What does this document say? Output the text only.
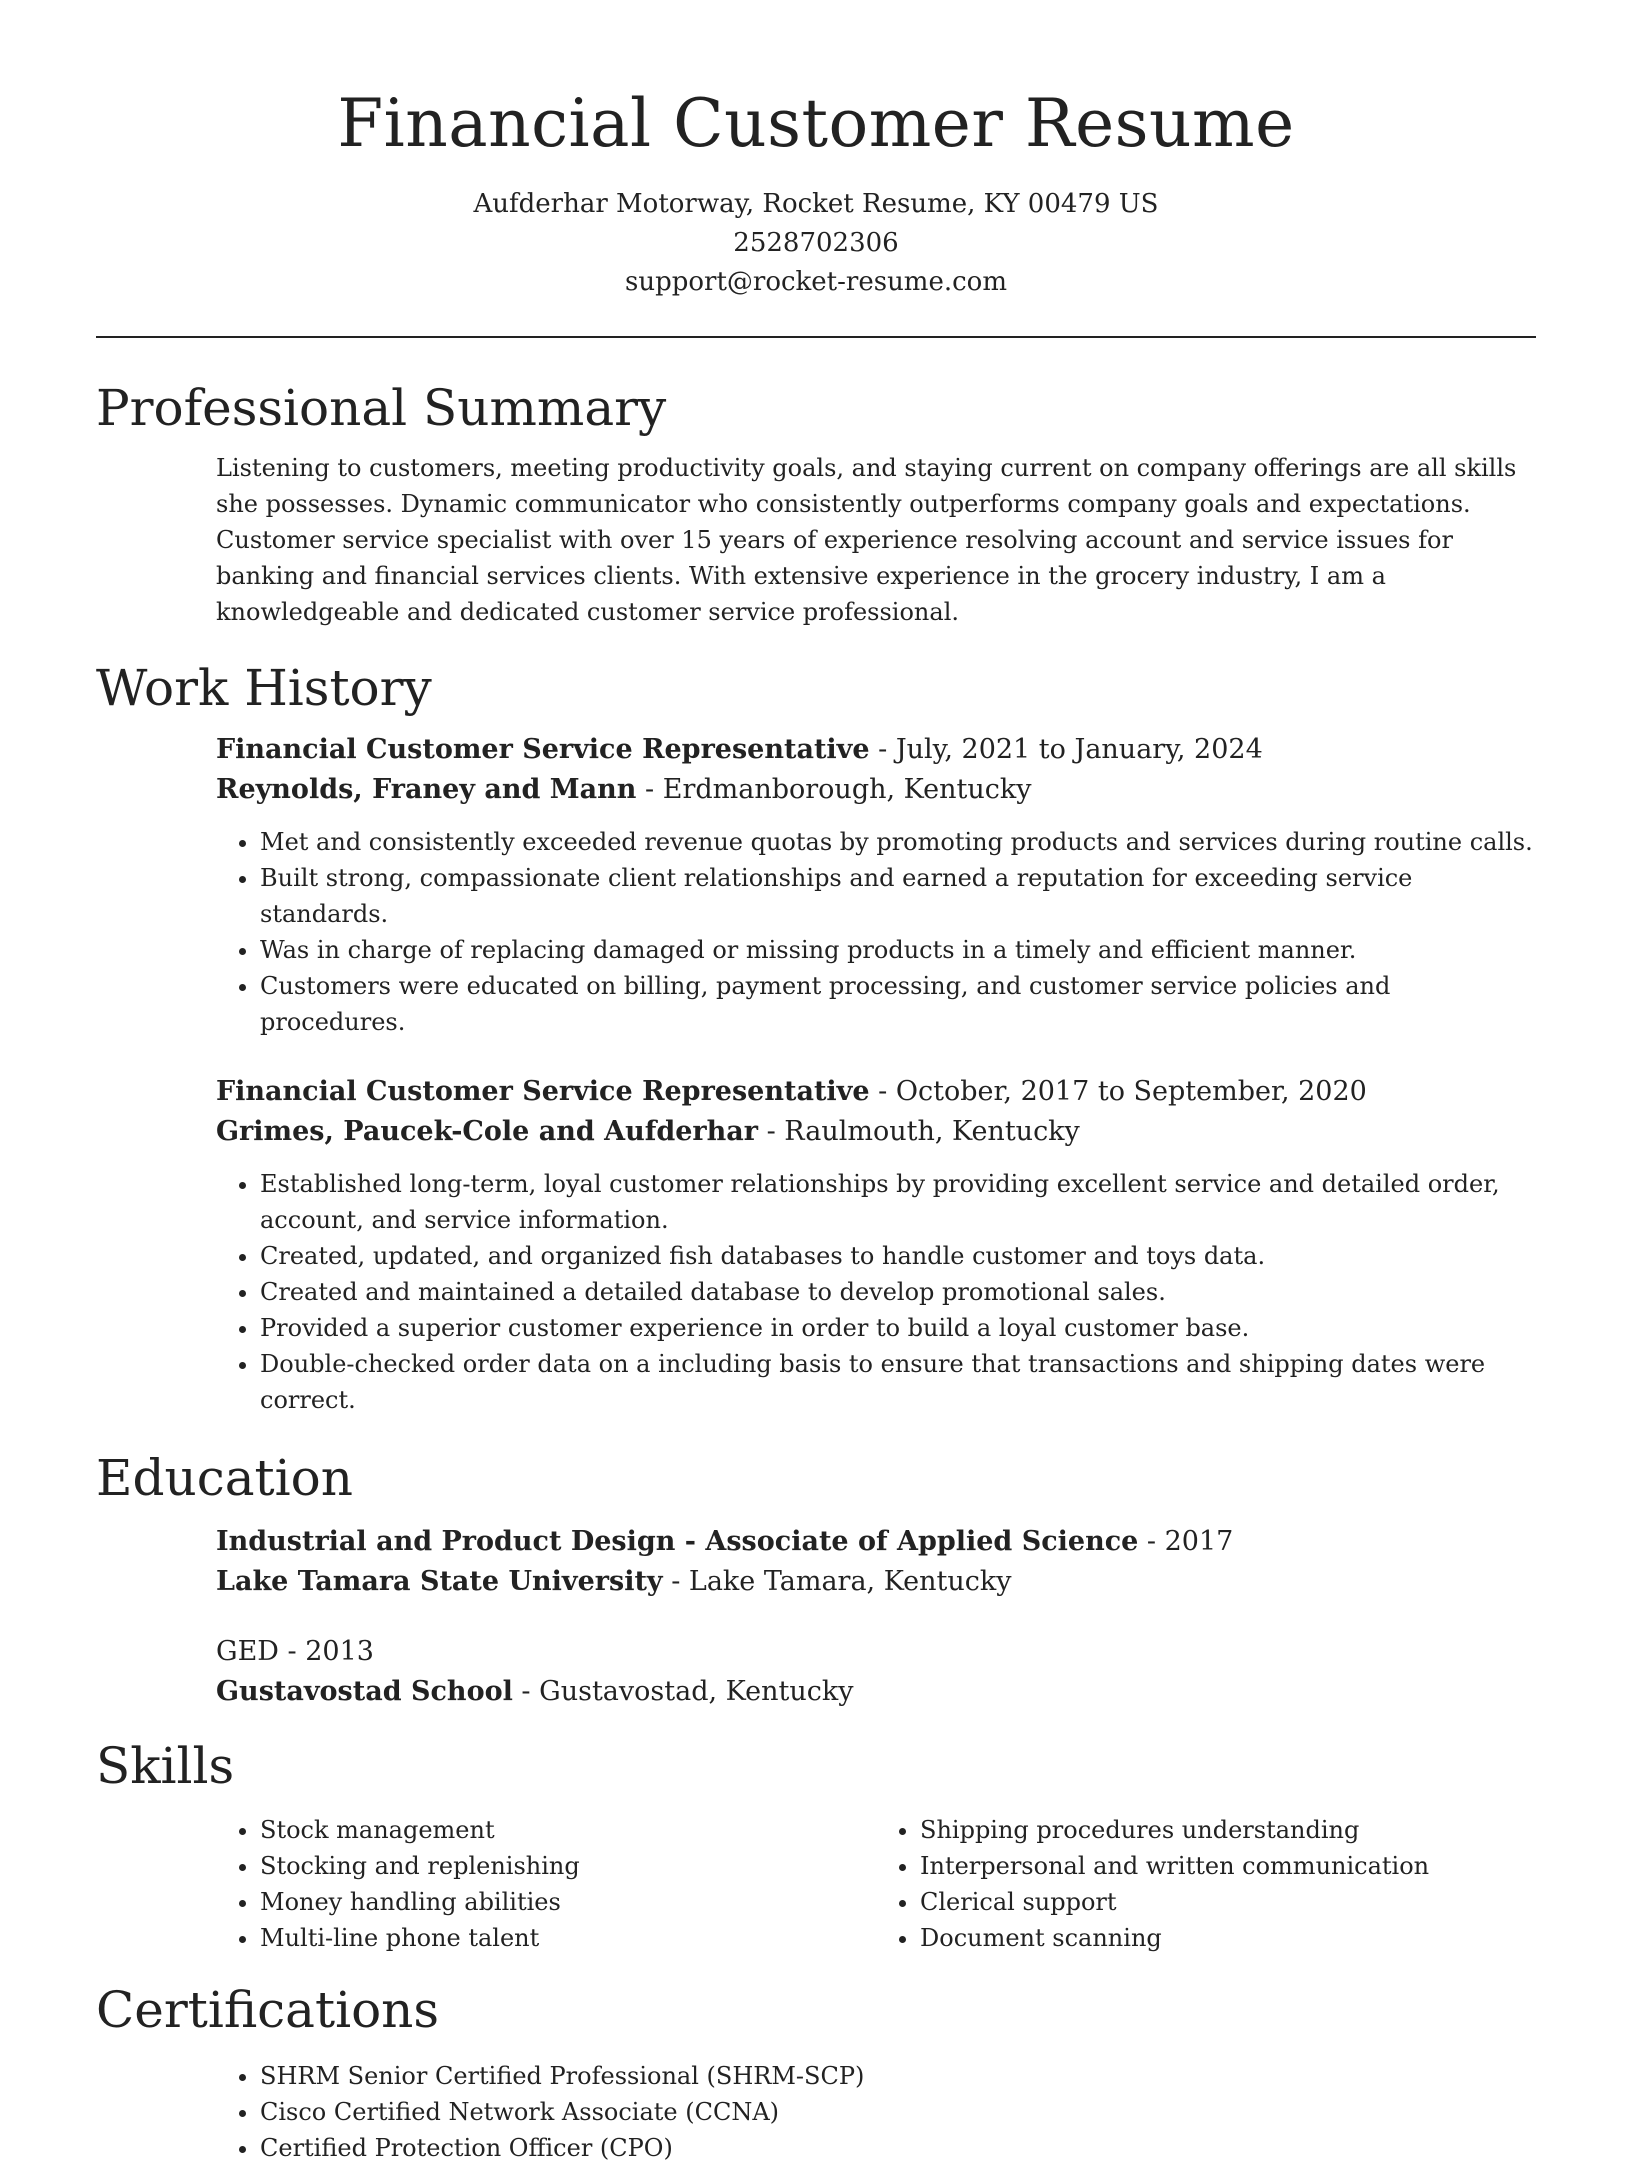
Financial Customer Resume
Aufderhar Motorway, Rocket Resume, KY 00479 US
2528702306
support@rocket-resume.com
Professional Summary

Listening to customers, meeting productivity goals, and staying current on company offerings are all skills she possesses. Dynamic communicator who consistently outperforms company goals and expectations. Customer service specialist with over 15 years of experience resolving account and service issues for banking and financial services clients. With extensive experience in the grocery industry, I am a knowledgeable and dedicated customer service professional.

Work History
Financial Customer Service Representative - July, 2021 to January, 2024
Reynolds, Franey and Mann - Erdmanborough, Kentucky
• Met and consistently exceeded revenue quotas by promoting products and services during routine calls.
• Built strong, compassionate client relationships and earned a reputation for exceeding service standards.
• Was in charge of replacing damaged or missing products in a timely and efficient manner.
• Customers were educated on billing, payment processing, and customer service policies and procedures.
Financial Customer Service Representative - October, 2017 to September, 2020
Grimes, Paucek-Cole and Aufderhar - Raulmouth, Kentucky
• Established long-term, loyal customer relationships by providing excellent service and detailed order, account, and service information.
• Created, updated, and organized fish databases to handle customer and toys data.
• Created and maintained a detailed database to develop promotional sales.
• Provided a superior customer experience in order to build a loyal customer base.
• Double-checked order data on a including basis to ensure that transactions and shipping dates were correct.
Education
Industrial and Product Design - Associate of Applied Science - 2017
Lake Tamara State University - Lake Tamara, Kentucky
GED - 2013
Gustavostad School - Gustavostad, Kentucky
Skills
• Stock management
• Stocking and replenishing
• Money handling abilities
• Multi-line phone talent
• Shipping procedures understanding
• Interpersonal and written communication
• Clerical support
• Document scanning
Certifications
• SHRM Senior Certified Professional (SHRM-SCP)
• Cisco Certified Network Associate (CCNA)
• Certified Protection Officer (CPO)
